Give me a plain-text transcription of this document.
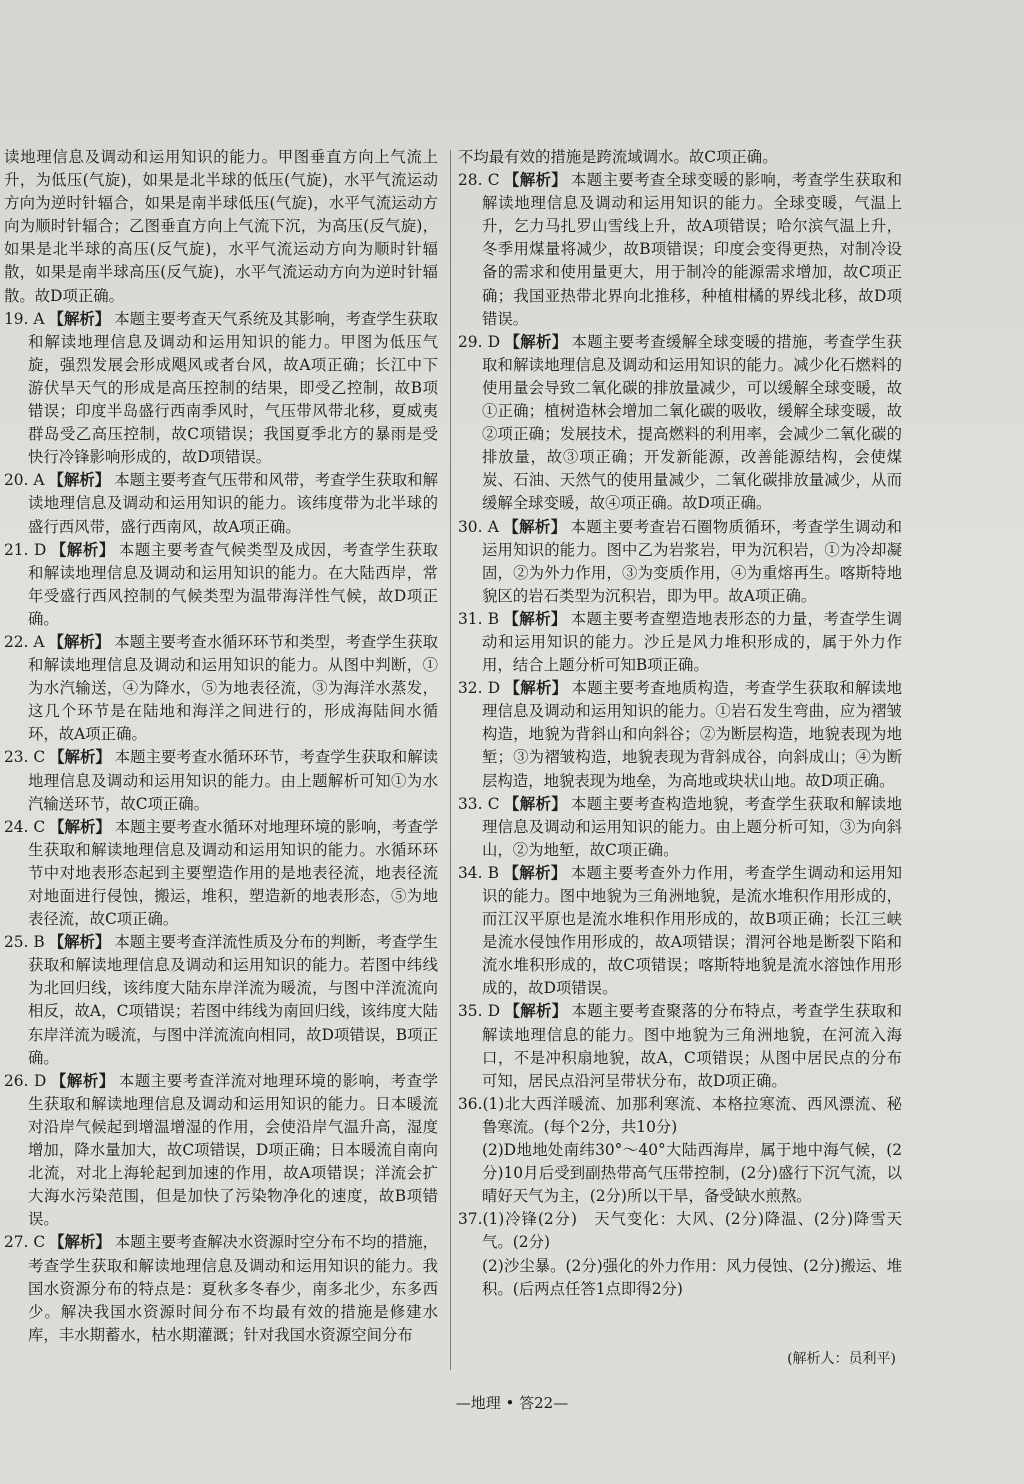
读地理信息及调动和运用知识的能力。甲图垂直方向上气流上升，为低压(气旋)，如果是北半球的低压(气旋)，水平气流运动方向为逆时针辐合，如果是南半球低压(气旋)，水平气流运动方向为顺时针辐合；乙图垂直方向上气流下沉，为高压(反气旋)，如果是北半球的高压(反气旋)，水平气流运动方向为顺时针辐散，如果是南半球高压(反气旋)，水平气流运动方向为逆时针辐散。故D项正确。

19. A 【解析】 本题主要考查天气系统及其影响，考查学生获取和解读地理信息及调动和运用知识的能力。甲图为低压气旋，强烈发展会形成飓风或者台风，故A项正确；长江中下游伏旱天气的形成是高压控制的结果，即受乙控制，故B项错误；印度半岛盛行西南季风时，气压带风带北移，夏威夷群岛受乙高压控制，故C项错误；我国夏季北方的暴雨是受快行冷锋影响形成的，故D项错误。

20. A 【解析】 本题主要考查气压带和风带，考查学生获取和解读地理信息及调动和运用知识的能力。该纬度带为北半球的盛行西风带，盛行西南风，故A项正确。

21. D 【解析】 本题主要考查气候类型及成因，考查学生获取和解读地理信息及调动和运用知识的能力。在大陆西岸，常年受盛行西风控制的气候类型为温带海洋性气候，故D项正确。

22. A 【解析】 本题主要考查水循环环节和类型，考查学生获取和解读地理信息及调动和运用知识的能力。从图中判断，①为水汽输送，④为降水，⑤为地表径流，③为海洋水蒸发，这几个环节是在陆地和海洋之间进行的，形成海陆间水循环，故A项正确。

23. C 【解析】 本题主要考查水循环环节，考查学生获取和解读地理信息及调动和运用知识的能力。由上题解析可知①为水汽输送环节，故C项正确。

24. C 【解析】 本题主要考查水循环对地理环境的影响，考查学生获取和解读地理信息及调动和运用知识的能力。水循环环节中对地表形态起到主要塑造作用的是地表径流，地表径流对地面进行侵蚀，搬运，堆积，塑造新的地表形态，⑤为地表径流，故C项正确。

25. B 【解析】 本题主要考查洋流性质及分布的判断，考查学生获取和解读地理信息及调动和运用知识的能力。若图中纬线为北回归线，该纬度大陆东岸洋流为暖流，与图中洋流流向相反，故A，C项错误；若图中纬线为南回归线，该纬度大陆东岸洋流为暖流，与图中洋流流向相同，故D项错误，B项正确。

26. D 【解析】 本题主要考查洋流对地理环境的影响，考查学生获取和解读地理信息及调动和运用知识的能力。日本暖流对沿岸气候起到增温增湿的作用，会使沿岸气温升高，湿度增加，降水量加大，故C项错误，D项正确；日本暖流自南向北流，对北上海轮起到加速的作用，故A项错误；洋流会扩大海水污染范围，但是加快了污染物净化的速度，故B项错误。

27. C 【解析】 本题主要考查解决水资源时空分布不均的措施，考查学生获取和解读地理信息及调动和运用知识的能力。我国水资源分布的特点是：夏秋多冬春少，南多北少，东多西少。解决我国水资源时间分布不均最有效的措施是修建水库，丰水期蓄水，枯水期灌溉；针对我国水资源空间分布

不均最有效的措施是跨流域调水。故C项正确。

28. C 【解析】 本题主要考查全球变暖的影响，考查学生获取和解读地理信息及调动和运用知识的能力。全球变暖，气温上升，乞力马扎罗山雪线上升，故A项错误；哈尔滨气温上升，冬季用煤量将减少，故B项错误；印度会变得更热，对制冷设备的需求和使用量更大，用于制冷的能源需求增加，故C项正确；我国亚热带北界向北推移，种植柑橘的界线北移，故D项错误。

29. D 【解析】 本题主要考查缓解全球变暖的措施，考查学生获取和解读地理信息及调动和运用知识的能力。减少化石燃料的使用量会导致二氧化碳的排放量减少，可以缓解全球变暖，故①正确；植树造林会增加二氧化碳的吸收，缓解全球变暖，故②项正确；发展技术，提高燃料的利用率，会减少二氧化碳的排放量，故③项正确；开发新能源，改善能源结构，会使煤炭、石油、天然气的使用量减少，二氧化碳排放量减少，从而缓解全球变暖，故④项正确。故D项正确。

30. A 【解析】 本题主要考查岩石圈物质循环，考查学生调动和运用知识的能力。图中乙为岩浆岩，甲为沉积岩，①为冷却凝固，②为外力作用，③为变质作用，④为重熔再生。喀斯特地貌区的岩石类型为沉积岩，即为甲。故A项正确。

31. B 【解析】 本题主要考查塑造地表形态的力量，考查学生调动和运用知识的能力。沙丘是风力堆积形成的，属于外力作用，结合上题分析可知B项正确。

32. D 【解析】 本题主要考查地质构造，考查学生获取和解读地理信息及调动和运用知识的能力。①岩石发生弯曲，应为褶皱构造，地貌为背斜山和向斜谷；②为断层构造，地貌表现为地堑；③为褶皱构造，地貌表现为背斜成谷，向斜成山；④为断层构造，地貌表现为地垒，为高地或块状山地。故D项正确。

33. C 【解析】 本题主要考查构造地貌，考查学生获取和解读地理信息及调动和运用知识的能力。由上题分析可知，③为向斜山，②为地堑，故C项正确。

34. B 【解析】 本题主要考查外力作用，考查学生调动和运用知识的能力。图中地貌为三角洲地貌，是流水堆积作用形成的，而江汉平原也是流水堆积作用形成的，故B项正确；长江三峡是流水侵蚀作用形成的，故A项错误；渭河谷地是断裂下陷和流水堆积形成的，故C项错误；喀斯特地貌是流水溶蚀作用形成的，故D项错误。

35. D 【解析】 本题主要考查聚落的分布特点，考查学生获取和解读地理信息的能力。图中地貌为三角洲地貌，在河流入海口，不是冲积扇地貌，故A，C项错误；从图中居民点的分布可知，居民点沿河呈带状分布，故D项正确。

36.(1)北大西洋暖流、加那利寒流、本格拉寒流、西风漂流、秘鲁寒流。(每个2分，共10分)

(2)D地地处南纬30°～40°大陆西海岸，属于地中海气候，(2分)10月后受到副热带高气压带控制，(2分)盛行下沉气流，以晴好天气为主，(2分)所以干旱，备受缺水煎熬。

37.(1)冷锋(2分)　天气变化：大风、(2分)降温、(2分)降雪天气。(2分)

(2)沙尘暴。(2分)强化的外力作用：风力侵蚀、(2分)搬运、堆积。(后两点任答1点即得2分)

(解析人：员利平)
—地理 • 答22—
